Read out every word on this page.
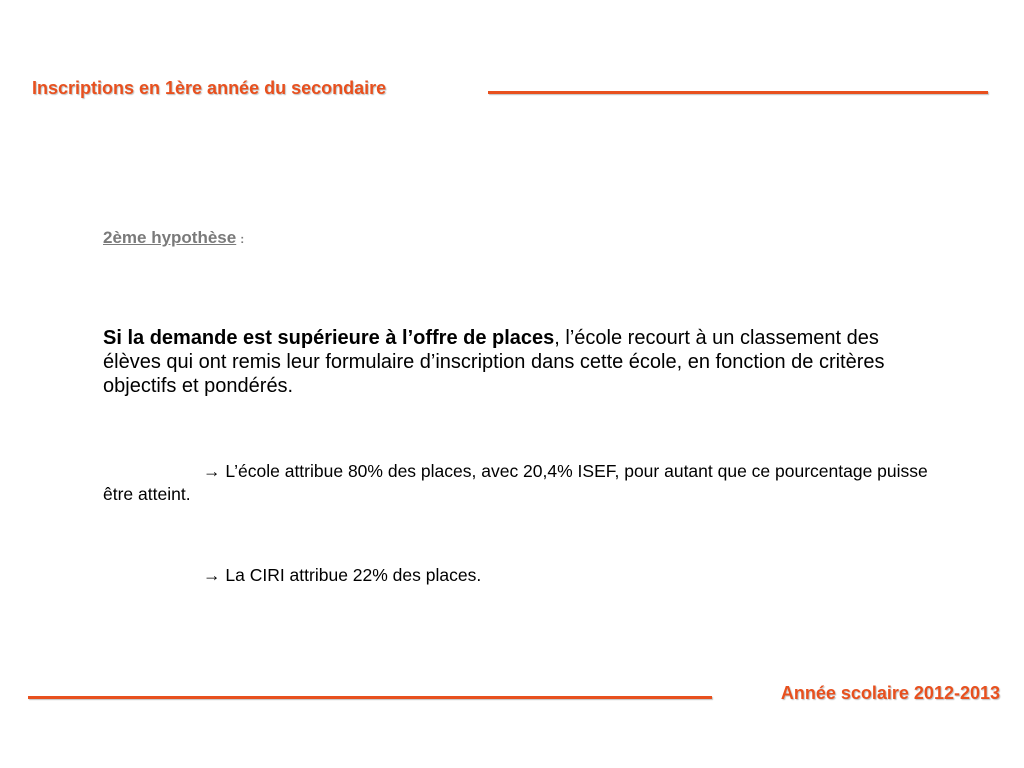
Inscriptions en 1ère année du secondaire
2ème hypothèse :
Si la demande est supérieure à l’offre de places, l’école recourt à un classement des élèves qui ont remis leur formulaire d’inscription dans cette école, en fonction de critères objectifs et pondérés.
→ L’école attribue 80% des places, avec 20,4% ISEF, pour autant que ce pourcentage puisse être atteint.
→ La CIRI attribue 22% des places.
Année scolaire 2012-2013
